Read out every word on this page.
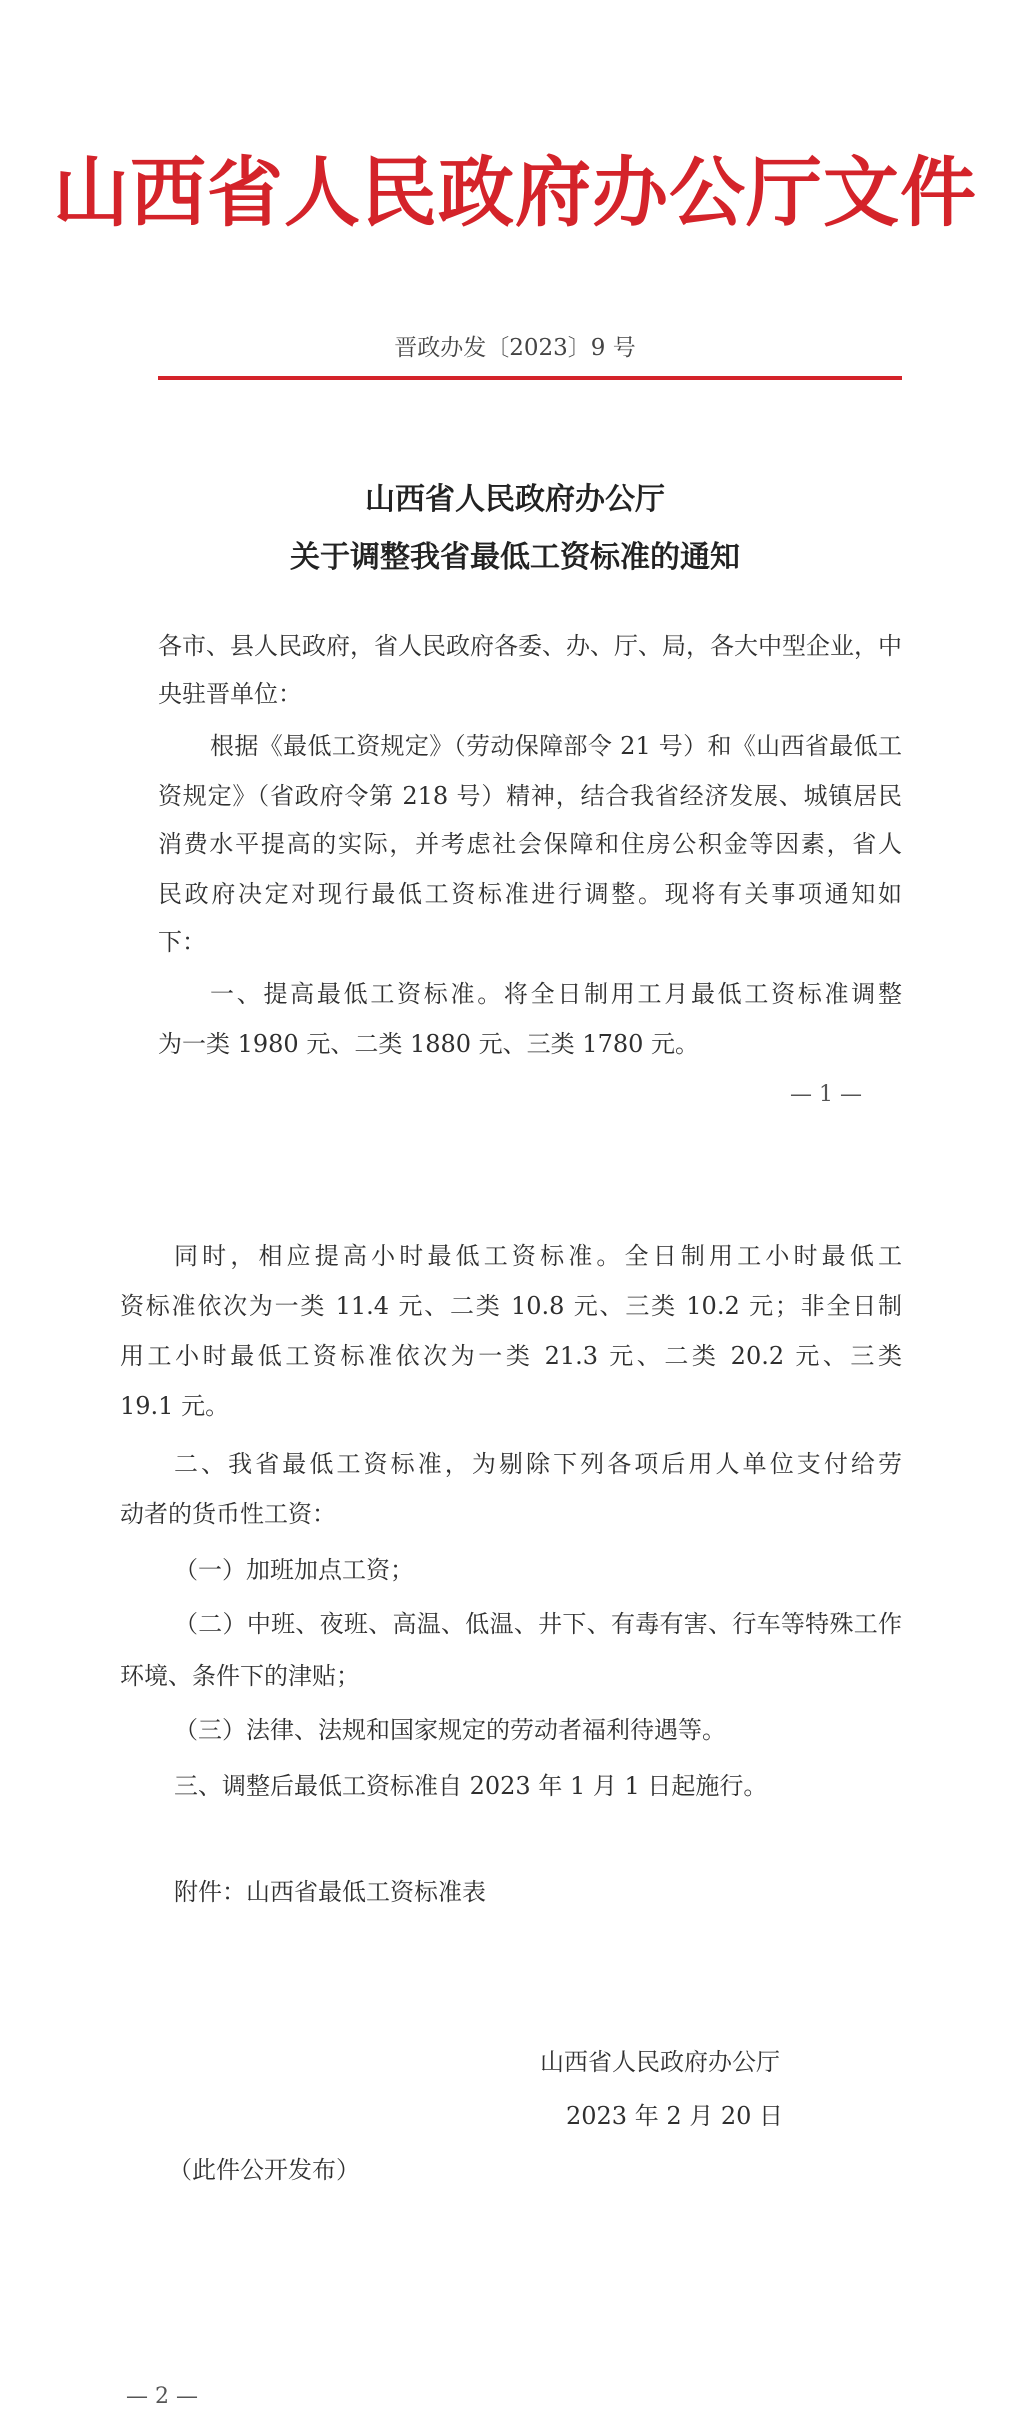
山西省人民政府办公厅文件
晋政办发〔2023〕9 号
山西省人民政府办公厅
关于调整我省最低工资标准的通知
各市、县人民政府，省人民政府各委、办、厅、局，各大中型企业，中
央驻晋单位：
根据《最低工资规定》（劳动保障部令 21 号）和《山西省最低工
资规定》（省政府令第 218 号）精神，结合我省经济发展、城镇居民
消费水平提高的实际，并考虑社会保障和住房公积金等因素，省人
民政府决定对现行最低工资标准进行调整。现将有关事项通知如
下：
一、提高最低工资标准。将全日制用工月最低工资标准调整
为一类 1980 元、二类 1880 元、三类 1780 元。
— 1 —
同时，相应提高小时最低工资标准。全日制用工小时最低工
资标准依次为一类 11.4 元、二类 10.8 元、三类 10.2 元；非全日制
用工小时最低工资标准依次为一类 21.3 元、二类 20.2 元、三类
19.1 元。
二、我省最低工资标准，为剔除下列各项后用人单位支付给劳
动者的货币性工资：
（一）加班加点工资；
（二）中班、夜班、高温、低温、井下、有毒有害、行车等特殊工作
环境、条件下的津贴；
（三）法律、法规和国家规定的劳动者福利待遇等。
三、调整后最低工资标准自 2023 年 1 月 1 日起施行。
附件：山西省最低工资标准表
山西省人民政府办公厅
2023 年 2 月 20 日
（此件公开发布）
— 2 —
